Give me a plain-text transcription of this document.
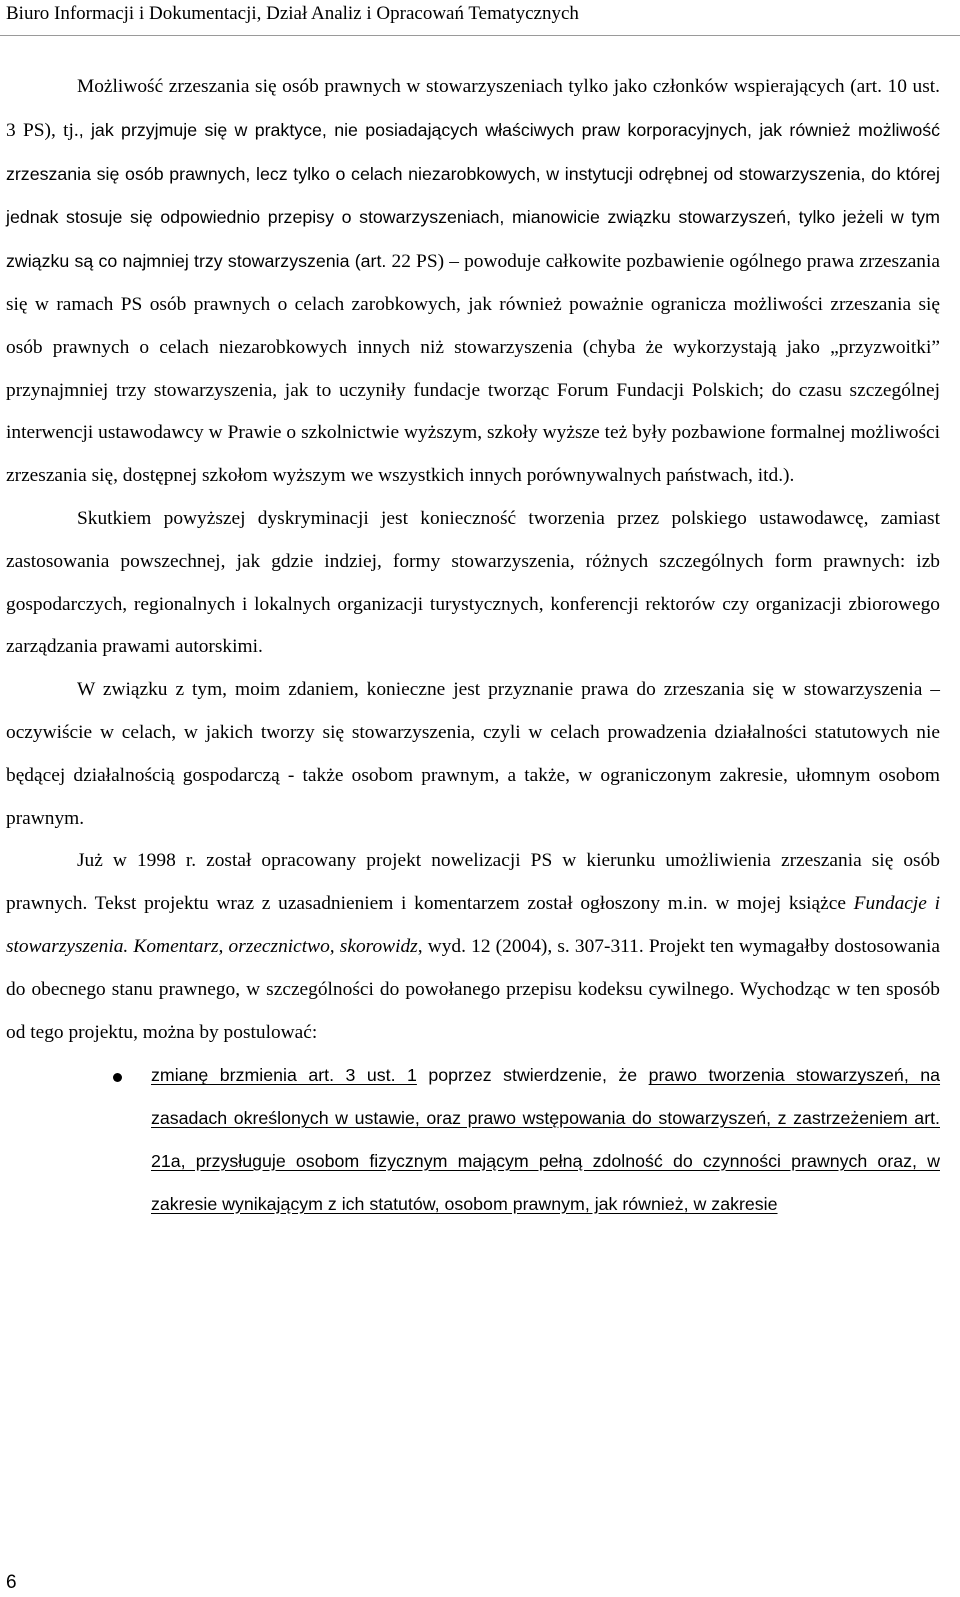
Biuro Informacji i Dokumentacji, Dział Analiz i Opracowań Tematycznych

Możliwość zrzeszania się osób prawnych w stowarzyszeniach tylko jako członków wspierających (art. 10 ust. 3 PS), tj., jak przyjmuje się w praktyce, nie posiadających właściwych praw korporacyjnych, jak również możliwość zrzeszania się osób prawnych, lecz tylko o celach niezarobkowych, w instytucji odrębnej od stowarzyszenia, do której jednak stosuje się odpowiednio przepisy o stowarzyszeniach, mianowicie związku stowarzyszeń, tylko jeżeli w tym związku są co najmniej trzy stowarzyszenia (art. 22 PS) – powoduje całkowite pozbawienie ogólnego prawa zrzeszania się w ramach PS osób prawnych o celach zarobkowych, jak również poważnie ogranicza możliwości zrzeszania się osób prawnych o celach niezarobkowych innych niż stowarzyszenia (chyba że wykorzystają jako „przyzwoitki” przynajmniej trzy stowarzyszenia, jak to uczyniły fundacje tworząc Forum Fundacji Polskich; do czasu szczególnej interwencji ustawodawcy w Prawie o szkolnictwie wyższym, szkoły wyższe też były pozbawione formalnej możliwości zrzeszania się, dostępnej szkołom wyższym we wszystkich innych porównywalnych państwach, itd.).

Skutkiem powyższej dyskryminacji jest konieczność tworzenia przez polskiego ustawodawcę, zamiast zastosowania powszechnej, jak gdzie indziej, formy stowarzyszenia, różnych szczególnych form prawnych: izb gospodarczych, regionalnych i lokalnych organizacji turystycznych, konferencji rektorów czy organizacji zbiorowego zarządzania prawami autorskimi.

W związku z tym, moim zdaniem, konieczne jest przyznanie prawa do zrzeszania się w stowarzyszenia – oczywiście w celach, w jakich tworzy się stowarzyszenia, czyli w celach prowadzenia działalności statutowych nie będącej działalnością gospodarczą - także osobom prawnym, a także, w ograniczonym zakresie, ułomnym osobom prawnym.

Już w 1998 r. został opracowany projekt nowelizacji PS w kierunku umożliwienia zrzeszania się osób prawnych. Tekst projektu wraz z uzasadnieniem i komentarzem został ogłoszony m.in. w mojej książce Fundacje i stowarzyszenia. Komentarz, orzecznictwo, skorowidz, wyd. 12 (2004), s. 307-311. Projekt ten wymagałby dostosowania do obecnego stanu prawnego, w szczególności do powołanego przepisu kodeksu cywilnego. Wychodząc w ten sposób od tego projektu, można by postulować:

zmianę brzmienia art. 3 ust. 1 poprzez stwierdzenie, że prawo tworzenia stowarzyszeń, na zasadach określonych w ustawie, oraz prawo wstępowania do stowarzyszeń, z zastrzeżeniem art. 21a, przysługuje osobom fizycznym mającym pełną zdolność do czynności prawnych oraz, w zakresie wynikającym z ich statutów, osobom prawnym, jak również, w zakresie
6
